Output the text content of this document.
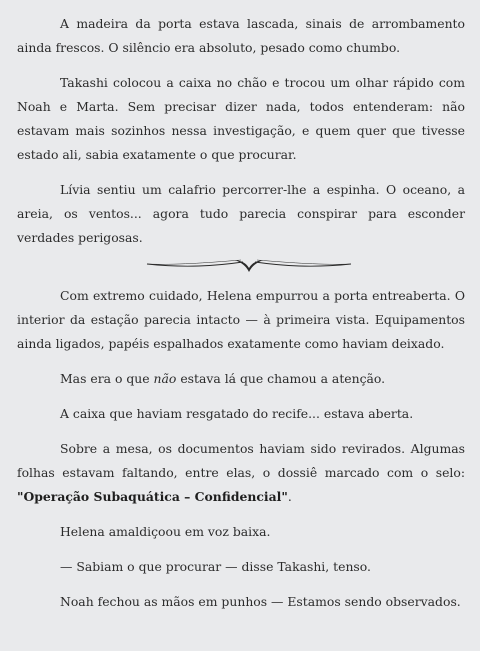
A madeira da porta estava lascada, sinais de arrombamento ainda frescos. O silêncio era absoluto, pesado como chumbo.

Takashi colocou a caixa no chão e trocou um olhar rápido com Noah e Marta. Sem precisar dizer nada, todos entenderam: não estavam mais sozinhos nessa investigação, e quem quer que tivesse estado ali, sabia exatamente o que procurar.

Lívia sentiu um calafrio percorrer-lhe a espinha. O oceano, a areia, os ventos... agora tudo parecia conspirar para esconder verdades perigosas.

Com extremo cuidado, Helena empurrou a porta entreaberta. O interior da estação parecia intacto — à primeira vista. Equipamentos ainda ligados, papéis espalhados exatamente como haviam deixado.

Mas era o que não estava lá que chamou a atenção.

A caixa que haviam resgatado do recife... estava aberta.

Sobre a mesa, os documentos haviam sido revirados. Algumas folhas estavam faltando, entre elas, o dossiê marcado com o selo: "Operação Subaquática – Confidencial".

Helena amaldiçoou em voz baixa.

— Sabiam o que procurar — disse Takashi, tenso.

Noah fechou as mãos em punhos — Estamos sendo observados.
